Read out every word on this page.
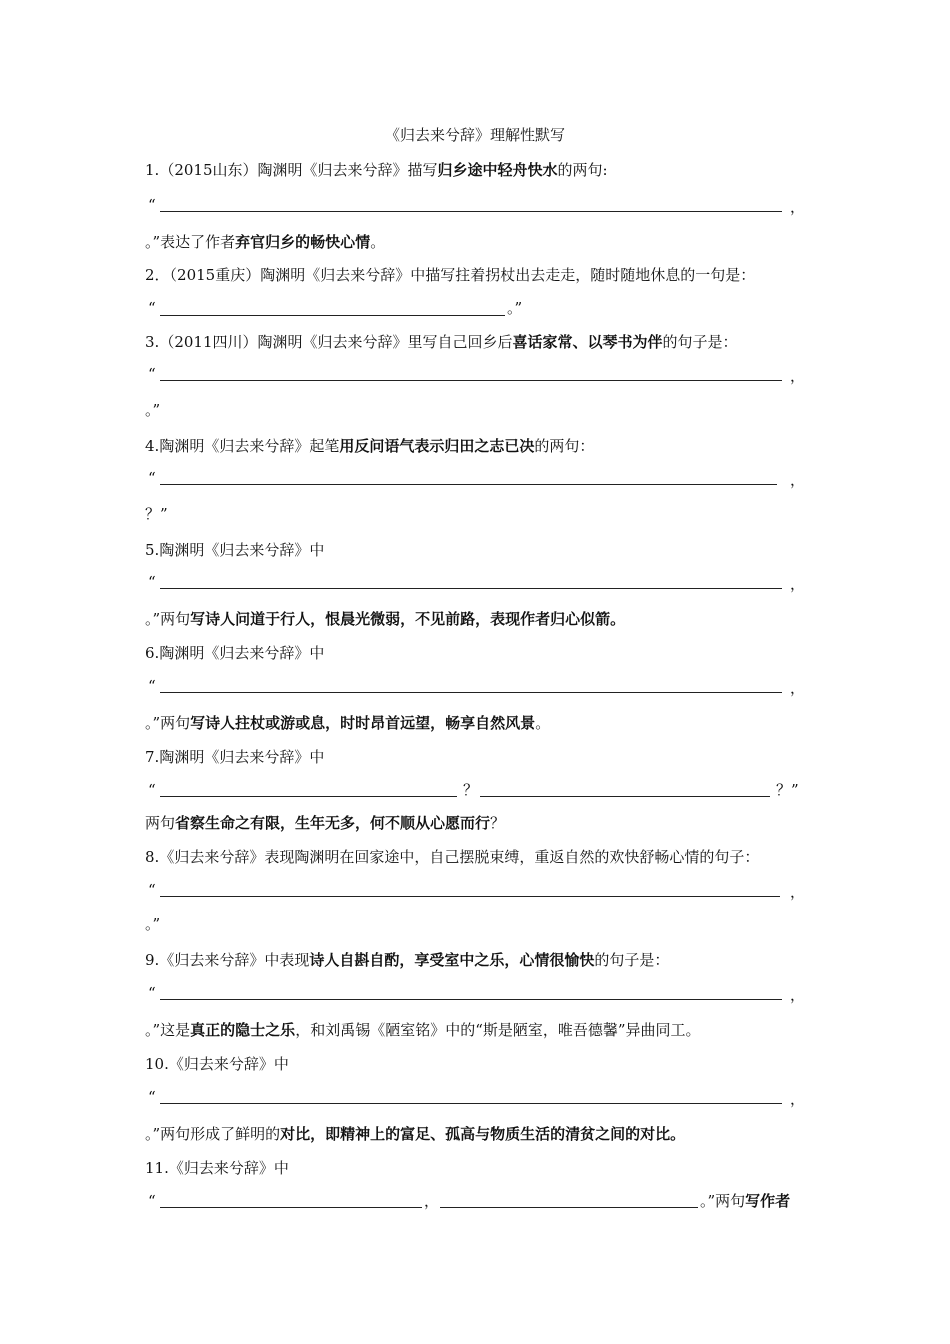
《归去来兮辞》理解性默写
1.（2015山东）陶渊明《归去来兮辞》描写归乡途中轻舟快水的两句:
“	，
。”表达了作者弃官归乡的畅快心情。
2．（2015重庆）陶渊明《归去来兮辞》中描写拄着拐杖出去走走，随时随地休息的一句是：
“	。”
3.（2011四川）陶渊明《归去来兮辞》里写自己回乡后喜话家常、以琴书为伴的句子是：
“	，
。”
4.陶渊明《归去来兮辞》起笔用反问语气表示归田之志已决的两句：
“	，
？”
5.陶渊明《归去来兮辞》中
“	，
。”两句写诗人问道于行人，恨晨光微弱，不见前路，表现作者归心似箭。
6.陶渊明《归去来兮辞》中
“	，
。”两句写诗人拄杖或游或息，时时昂首远望，畅享自然风景。
7.陶渊明《归去来兮辞》中
“	？	？”
两句省察生命之有限，生年无多，何不顺从心愿而行？
8.《归去来兮辞》表现陶渊明在回家途中，自己摆脱束缚，重返自然的欢快舒畅心情的句子：
“	，
。”
9.《归去来兮辞》中表现诗人自斟自酌，享受室中之乐，心情很愉快的句子是：
“	，
。”这是真正的隐士之乐，和刘禹锡《陋室铭》中的“斯是陋室，唯吾德馨”异曲同工。
10.《归去来兮辞》中
“	，
。”两句形成了鲜明的对比，即精神上的富足、孤高与物质生活的清贫之间的对比。
11.《归去来兮辞》中
“	，	。”两句写作者
